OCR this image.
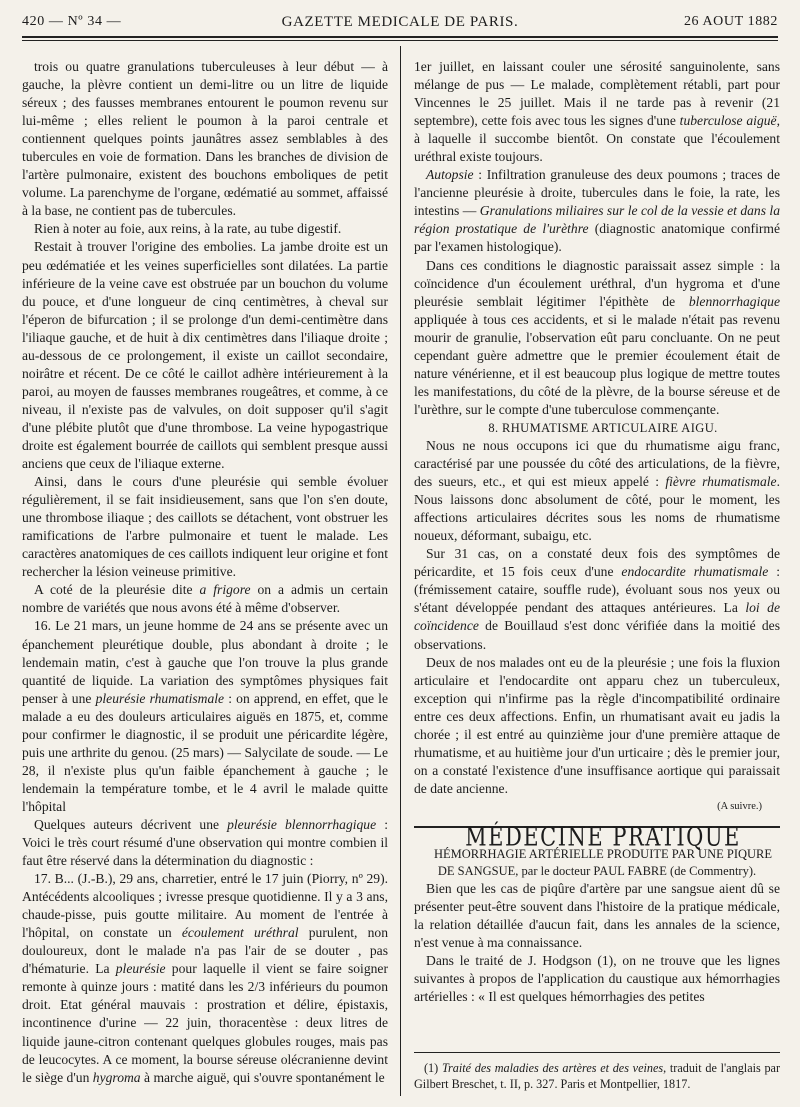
420 — Nº 34 —	GAZETTE MEDICALE DE PARIS.	26 AOUT 1882

trois ou quatre granulations tuberculeuses à leur début — à gauche, la plèvre contient un demi-litre ou un litre de liquide séreux ; des fausses membranes entourent le poumon revenu sur lui-même ; elles relient le poumon à la paroi centrale et contiennent quelques points jaunâtres assez semblables à des tubercules en voie de formation. Dans les branches de division de l'artère pulmonaire, existent des bouchons emboliques de petit volume. La parenchyme de l'organe, œdématié au sommet, affaissé à la base, ne contient pas de tubercules.

Rien à noter au foie, aux reins, à la rate, au tube digestif.

Restait à trouver l'origine des embolies. La jambe droite est un peu œdématiée et les veines superficielles sont dilatées. La partie inférieure de la veine cave est obstruée par un bouchon du volume du pouce, et d'une longueur de cinq centimètres, à cheval sur l'éperon de bifurcation ; il se prolonge d'un demi-centimètre dans l'iliaque gauche, et de huit à dix centimètres dans l'iliaque droite ; au-dessous de ce prolongement, il existe un caillot secondaire, noirâtre et récent. De ce côté le caillot adhère intérieurement à la paroi, au moyen de fausses membranes rougeâtres, et comme, à ce niveau, il n'existe pas de valvules, on doit supposer qu'il s'agit d'une plébite plutôt que d'une thrombose. La veine hypogastrique droite est également bourrée de caillots qui semblent presque aussi anciens que ceux de l'iliaque externe.

Ainsi, dans le cours d'une pleurésie qui semble évoluer régulièrement, il se fait insidieusement, sans que l'on s'en doute, une thrombose iliaque ; des caillots se détachent, vont obstruer les ramifications de l'arbre pulmonaire et tuent le malade. Les caractères anatomiques de ces caillots indiquent leur origine et font rechercher la lésion veineuse primitive.

A coté de la pleurésie dite a frigore on a admis un certain nombre de variétés que nous avons été à même d'observer.

16. Le 21 mars, un jeune homme de 24 ans se présente avec un épanchement pleurétique double, plus abondant à droite ; le lendemain matin, c'est à gauche que l'on trouve la plus grande quantité de liquide. La variation des symptômes physiques fait penser à une pleurésie rhumatismale : on apprend, en effet, que le malade a eu des douleurs articulaires aiguës en 1875, et, comme pour confirmer le diagnostic, il se produit une péricardite légère, puis une arthrite du genou. (25 mars) — Salycilate de soude. — Le 28, il n'existe plus qu'un faible épanchement à gauche ; le lendemain la température tombe, et le 4 avril le malade quitte l'hôpital

Quelques auteurs décrivent une pleurésie blennorrhagique : Voici le très court résumé d'une observation qui montre combien il faut être réservé dans la détermination du diagnostic :

17. B... (J.-B.), 29 ans, charretier, entré le 17 juin (Piorry, nº 29). Antécédents alcooliques ; ivresse presque quotidienne. Il y a 3 ans, chaude-pisse, puis goutte militaire. Au moment de l'entrée à l'hôpital, on constate un écoulement uréthral purulent, non douloureux, dont le malade n'a pas l'air de se douter , pas d'hématurie. La pleurésie pour laquelle il vient se faire soigner remonte à quinze jours : matité dans les 2/3 inférieurs du poumon droit. Etat général mauvais : prostration et délire, épistaxis, incontinence d'urine — 22 juin, thoracentèse : deux litres de liquide jaune-citron contenant quelques globules rouges, mais pas de leucocytes. A ce moment, la bourse séreuse olécranienne devint le siège d'un hygroma à marche aiguë, qui s'ouvre spontanément le

1er juillet, en laissant couler une sérosité sanguinolente, sans mélange de pus — Le malade, complètement rétabli, part pour Vincennes le 25 juillet. Mais il ne tarde pas à revenir (21 septembre), cette fois avec tous les signes d'une tuberculose aiguë, à laquelle il succombe bientôt. On constate que l'écoulement uréthral existe toujours.

Autopsie : Infiltration granuleuse des deux poumons ; traces de l'ancienne pleurésie à droite, tubercules dans le foie, la rate, les intestins — Granulations miliaires sur le col de la vessie et dans la région prostatique de l'urèthre (diagnostic anatomique confirmé par l'examen histologique).

Dans ces conditions le diagnostic paraissait assez simple : la coïncidence d'un écoulement uréthral, d'un hygroma et d'une pleurésie semblait légitimer l'épithète de blennorrhagique appliquée à tous ces accidents, et si le malade n'était pas revenu mourir de granulie, l'observation eût paru concluante. On ne peut cependant guère admettre que le premier écoulement était de nature vénérienne, et il est beaucoup plus logique de mettre toutes les manifestations, du côté de la plèvre, de la bourse séreuse et de l'urèthre, sur le compte d'une tuberculose commençante.

8. RHUMATISME ARTICULAIRE AIGU.

Nous ne nous occupons ici que du rhumatisme aigu franc, caractérisé par une poussée du côté des articulations, de la fièvre, des sueurs, etc., et qui est mieux appelé : fièvre rhumatismale. Nous laissons donc absolument de côté, pour le moment, les affections articulaires décrites sous les noms de rhumatisme noueux, déformant, subaigu, etc.

Sur 31 cas, on a constaté deux fois des symptômes de péricardite, et 15 fois ceux d'une endocardite rhumatismale : (frémissement cataire, souffle rude), évoluant sous nos yeux ou s'étant développée pendant des attaques antérieures. La loi de coïncidence de Bouillaud s'est donc vérifiée dans la moitié des observations.

Deux de nos malades ont eu de la pleurésie ; une fois la fluxion articulaire et l'endocardite ont apparu chez un tuberculeux, exception qui n'infirme pas la règle d'incompatibilité ordinaire entre ces deux affections. Enfin, un rhumatisant avait eu jadis la chorée ; il est entré au quinzième jour d'une première attaque de rhumatisme, et au huitième jour d'un urticaire ; dès le premier jour, on a constaté l'existence d'une insuffisance aortique qui paraissait de date ancienne.

(A suivre.)

MÉDECINE PRATIQUE

HÉMORRHAGIE ARTÉRIELLE PRODUITE PAR UNE PIQURE DE SANGSUE, par le docteur PAUL FABRE (de Commentry).

Bien que les cas de piqûre d'artère par une sangsue aient dû se présenter peut-être souvent dans l'histoire de la pratique médicale, la relation détaillée d'aucun fait, dans les annales de la science, n'est venue à ma connaissance.

Dans le traité de J. Hodgson (1), on ne trouve que les lignes suivantes à propos de l'application du caustique aux hémorrhagies artérielles : « Il est quelques hémorrhagies des petites

(1) Traité des maladies des artères et des veines, traduit de l'anglais par Gilbert Breschet, t. II, p. 327. Paris et Montpellier, 1817.
